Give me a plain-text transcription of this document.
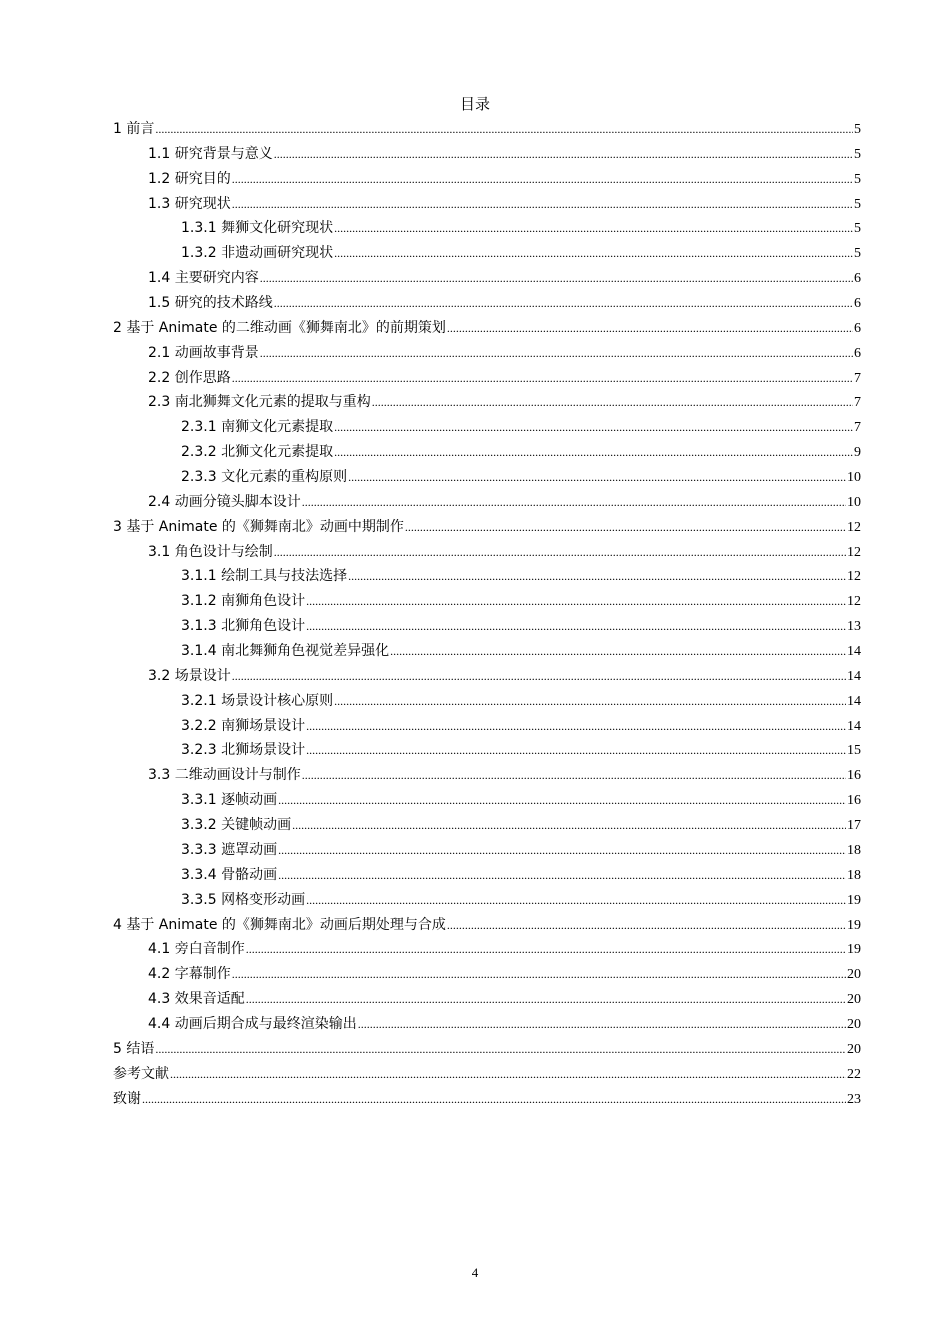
目录
1 前言 .....	5
1.1 研究背景与意义 .....	5
1.2 研究目的 .....	5
1.3 研究现状 .....	5
1.3.1 舞狮文化研究现状 .....	5
1.3.2 非遗动画研究现状 .....	5
1.4 主要研究内容 .....	6
1.5 研究的技术路线 .....	6
2 基于 Animate 的二维动画《狮舞南北》的前期策划 .....	6
2.1 动画故事背景 .....	6
2.2 创作思路 .....	7
2.3 南北狮舞文化元素的提取与重构 .....	7
2.3.1 南狮文化元素提取 .....	7
2.3.2 北狮文化元素提取 .....	9
2.3.3 文化元素的重构原则 .....	10
2.4 动画分镜头脚本设计 .....	10
3 基于 Animate 的《狮舞南北》动画中期制作 .....	12
3.1 角色设计与绘制 .....	12
3.1.1 绘制工具与技法选择 .....	12
3.1.2 南狮角色设计 .....	12
3.1.3 北狮角色设计 .....	13
3.1.4 南北舞狮角色视觉差异强化 .....	14
3.2 场景设计 .....	14
3.2.1 场景设计核心原则 .....	14
3.2.2 南狮场景设计 .....	14
3.2.3 北狮场景设计 .....	15
3.3 二维动画设计与制作 .....	16
3.3.1 逐帧动画 .....	16
3.3.2 关键帧动画 .....	17
3.3.3 遮罩动画 .....	18
3.3.4 骨骼动画 .....	18
3.3.5 网格变形动画 .....	19
4 基于 Animate 的《狮舞南北》动画后期处理与合成 .....	19
4.1 旁白音制作 .....	19
4.2 字幕制作 .....	20
4.3 效果音适配 .....	20
4.4 动画后期合成与最终渲染输出 .....	20
5 结语 .....	20
参考文献 .....	22
致谢 .....	23
4
